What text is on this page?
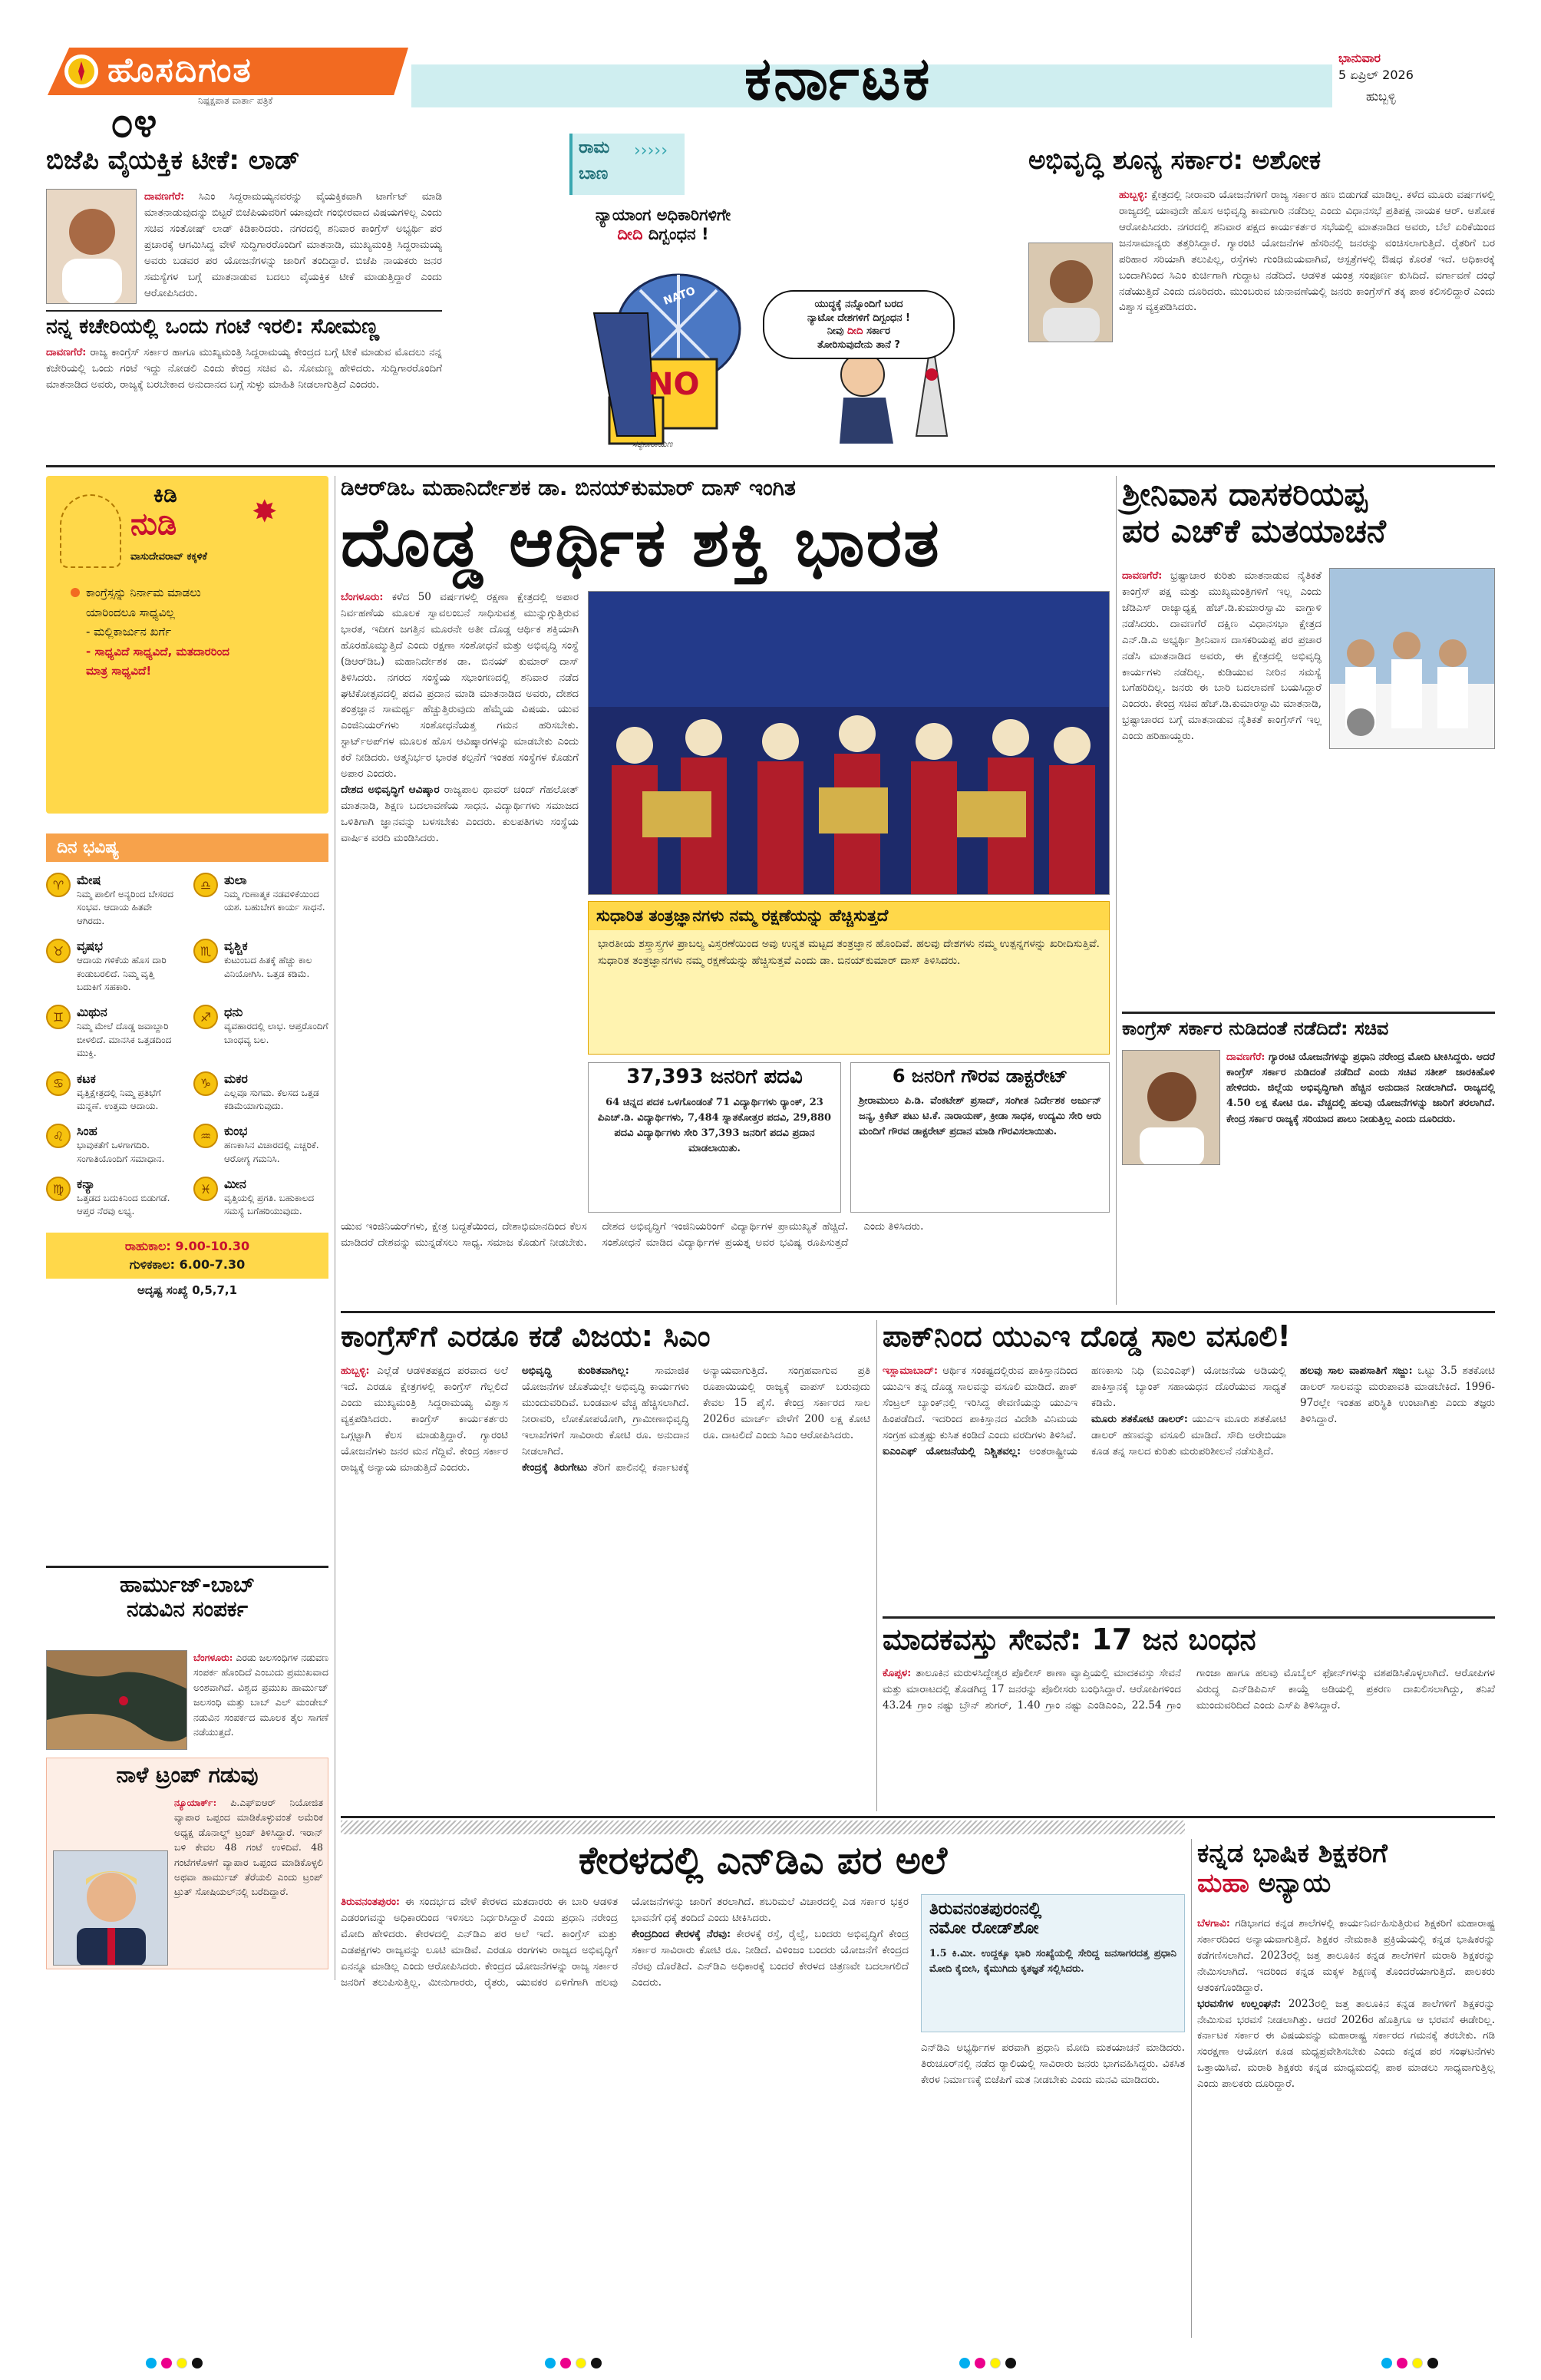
ಹೊಸದಿಗಂತ
ನಿಷ್ಪಕ್ಷಪಾತ ವಾರ್ತಾ ಪತ್ರಿಕೆ
೦೪
ಕರ್ನಾಟಕ	ಭಾನುವಾರ
5 ಏಪ್ರಿಲ್ 2026
ಹುಬ್ಬಳ್ಳಿ
ಬಿಜೆಪಿ ವೈಯಕ್ತಿಕ ಟೀಕೆ: ಲಾಡ್
ದಾವಣಗೆರೆ: ಸಿಎಂ ಸಿದ್ದರಾಮಯ್ಯನವರನ್ನು ವೈಯಕ್ತಿಕವಾಗಿ ಟಾರ್ಗೆಟ್ ಮಾಡಿ ಮಾತನಾಡುವುದನ್ನು ಬಿಟ್ಟರೆ ಬಿಜೆಪಿಯವರಿಗೆ ಯಾವುದೇ ಗಂಭೀರವಾದ ವಿಷಯಗಳಿಲ್ಲ ಎಂದು ಸಚಿವ ಸಂತೋಷ್ ಲಾಡ್ ಕಿಡಿಕಾರಿದರು. ನಗರದಲ್ಲಿ ಶನಿವಾರ ಕಾಂಗ್ರೆಸ್ ಅಭ್ಯರ್ಥಿ ಪರ ಪ್ರಚಾರಕ್ಕೆ ಆಗಮಿಸಿದ್ದ ವೇಳೆ ಸುದ್ದಿಗಾರರೊಂದಿಗೆ ಮಾತನಾಡಿ, ಮುಖ್ಯಮಂತ್ರಿ ಸಿದ್ದರಾಮಯ್ಯ ಅವರು ಬಡವರ ಪರ ಯೋಜನೆಗಳನ್ನು ಜಾರಿಗೆ ತಂದಿದ್ದಾರೆ. ಬಿಜೆಪಿ ನಾಯಕರು ಜನರ ಸಮಸ್ಯೆಗಳ ಬಗ್ಗೆ ಮಾತನಾಡುವ ಬದಲು ವೈಯಕ್ತಿಕ ಟೀಕೆ ಮಾಡುತ್ತಿದ್ದಾರೆ ಎಂದು ಆರೋಪಿಸಿದರು.
ನನ್ನ ಕಚೇರಿಯಲ್ಲಿ ಒಂದು ಗಂಟೆ ಇರಲಿ: ಸೋಮಣ್ಣ
ದಾವಣಗೆರೆ: ರಾಜ್ಯ ಕಾಂಗ್ರೆಸ್ ಸರ್ಕಾರ ಹಾಗೂ ಮುಖ್ಯಮಂತ್ರಿ ಸಿದ್ದರಾಮಯ್ಯ ಕೇಂದ್ರದ ಬಗ್ಗೆ ಟೀಕೆ ಮಾಡುವ ಮೊದಲು ನನ್ನ ಕಚೇರಿಯಲ್ಲಿ ಒಂದು ಗಂಟೆ ಇದ್ದು ನೋಡಲಿ ಎಂದು ಕೇಂದ್ರ ಸಚಿವ ವಿ. ಸೋಮಣ್ಣ ಹೇಳಿದರು. ಸುದ್ದಿಗಾರರೊಂದಿಗೆ ಮಾತನಾಡಿದ ಅವರು, ರಾಜ್ಯಕ್ಕೆ ಬರಬೇಕಾದ ಅನುದಾನದ ಬಗ್ಗೆ ಸುಳ್ಳು ಮಾಹಿತಿ ನೀಡಲಾಗುತ್ತಿದೆ ಎಂದರು.
ರಾಮ
ಬಾಣ
›››››
ನ್ಯಾಯಾಂಗ ಅಧಿಕಾರಿಗಳಿಗೇ
ದೀದಿ ದಿಗ್ಬಂಧನ !
NATO
NO
ಯುದ್ಧಕ್ಕೆ ನನ್ನೊಂದಿಗೆ ಬರದ
ನ್ಯಾಟೋ ದೇಶಗಳಿಗೆ ದಿಗ್ಬಂಧನ !
ನೀವು ದೀದಿ ಸರ್ಕಾರ
ತೋರಿಸುವುದೇನು ತಾನೆ ?
ಸತ್ಯನಾರಾಯಣ
ಅಭಿವೃದ್ಧಿ ಶೂನ್ಯ ಸರ್ಕಾರ: ಅಶೋಕ
ಹುಬ್ಬಳ್ಳಿ: ಕ್ಷೇತ್ರದಲ್ಲಿ ನೀರಾವರಿ ಯೋಜನೆಗಳಿಗೆ ರಾಜ್ಯ ಸರ್ಕಾರ ಹಣ ಬಿಡುಗಡೆ ಮಾಡಿಲ್ಲ. ಕಳೆದ ಮೂರು ವರ್ಷಗಳಲ್ಲಿ ರಾಜ್ಯದಲ್ಲಿ ಯಾವುದೇ ಹೊಸ ಅಭಿವೃದ್ಧಿ ಕಾಮಗಾರಿ ನಡೆದಿಲ್ಲ ಎಂದು ವಿಧಾನಸಭೆ ಪ್ರತಿಪಕ್ಷ ನಾಯಕ ಆರ್. ಅಶೋಕ ಆರೋಪಿಸಿದರು. ನಗರದಲ್ಲಿ ಶನಿವಾರ ಪಕ್ಷದ ಕಾರ್ಯಕರ್ತರ ಸಭೆಯಲ್ಲಿ ಮಾತನಾಡಿದ ಅವರು, ಬೆಲೆ ಏರಿಕೆಯಿಂದ ಜನಸಾಮಾನ್ಯರು ತತ್ತರಿಸಿದ್ದಾರೆ. ಗ್ಯಾರಂಟಿ ಯೋಜನೆಗಳ ಹೆಸರಿನಲ್ಲಿ ಜನರನ್ನು ವಂಚಿಸಲಾಗುತ್ತಿದೆ. ರೈತರಿಗೆ ಬರ ಪರಿಹಾರ ಸರಿಯಾಗಿ ತಲುಪಿಲ್ಲ, ರಸ್ತೆಗಳು ಗುಂಡಿಮಯವಾಗಿವೆ, ಆಸ್ಪತ್ರೆಗಳಲ್ಲಿ ಔಷಧ ಕೊರತೆ ಇದೆ. ಅಧಿಕಾರಕ್ಕೆ ಬಂದಾಗಿನಿಂದ ಸಿಎಂ ಕುರ್ಚಿಗಾಗಿ ಗುದ್ದಾಟ ನಡೆದಿದೆ. ಆಡಳಿತ ಯಂತ್ರ ಸಂಪೂರ್ಣ ಕುಸಿದಿದೆ. ವರ್ಗಾವಣೆ ದಂಧೆ ನಡೆಯುತ್ತಿದೆ ಎಂದು ದೂರಿದರು. ಮುಂಬರುವ ಚುನಾವಣೆಯಲ್ಲಿ ಜನರು ಕಾಂಗ್ರೆಸ್‌ಗೆ ತಕ್ಕ ಪಾಠ ಕಲಿಸಲಿದ್ದಾರೆ ಎಂದು ವಿಶ್ವಾಸ ವ್ಯಕ್ತಪಡಿಸಿದರು.
ಕಿಡಿ
ನುಡಿ ✸
ವಾಸುದೇವರಾವ್ ಕಕ್ಕಳಿಕೆ
ಕಾಂಗ್ರೆಸ್ಸನ್ನು ನಿರ್ನಾಮ ಮಾಡಲು
ಯಾರಿಂದಲೂ ಸಾಧ್ಯವಿಲ್ಲ
- ಮಲ್ಲಿಕಾರ್ಜುನ ಖರ್ಗೆ
- ಸಾಧ್ಯವಿದೆ ಸಾಧ್ಯವಿದೆ, ಮತದಾರರಿಂದ
ಮಾತ್ರ ಸಾಧ್ಯವಿದೆ!
ದಿನ ಭವಿಷ್ಯ
♈	ಮೇಷ
ನಿಮ್ಮ ಪಾಲಿಗೆ ಅನ್ಯರಿಂದ ಬೇಸರದ ಸಂಭವ. ಆದಾಯ ಹಿತವೇ ಆಗಿರದು.
♎	ತುಲಾ
ನಿಮ್ಮ ಗುಣಾತ್ಮಕ ನಡವಳಿಕೆಯಿಂದ ಯಶ. ಬಹುಬೇಗ ಕಾರ್ಯ ಸಾಧನೆ.
♉	ವೃಷಭ
ಆದಾಯ ಗಳಿಕೆಯ ಹೊಸ ದಾರಿ ಕಂಡುಬರಲಿದೆ. ನಿಮ್ಮ ವೃತ್ತಿ ಬದುಕಿಗೆ ಸಹಕಾರಿ.
♏	ವೃಶ್ಚಿಕ
ಕುಟುಂಬದ ಹಿತಕ್ಕೆ ಹೆಚ್ಚು ಕಾಲ ವಿನಿಯೋಗಿಸಿ. ಒತ್ತಡ ಕಡಿಮೆ.
♊	ಮಿಥುನ
ನಿಮ್ಮ ಮೇಲೆ ದೊಡ್ಡ ಜವಾಬ್ದಾರಿ ಬೀಳಲಿದೆ. ಮಾನಸಿಕ ಒತ್ತಡದಿಂದ ಮುಕ್ತಿ.
♐	ಧನು
ವ್ಯವಹಾರದಲ್ಲಿ ಲಾಭ. ಆಪ್ತರೊಂದಿಗೆ ಬಾಂಧವ್ಯ ಬಲ.
♋	ಕಟಕ
ವೃತ್ತಿಕ್ಷೇತ್ರದಲ್ಲಿ ನಿಮ್ಮ ಪ್ರತಿಭೆಗೆ ಮನ್ನಣೆ. ಉತ್ತಮ ಆದಾಯ.
♑	ಮಕರ
ಎಲ್ಲವೂ ಸುಗಮ. ಕೆಲಸದ ಒತ್ತಡ ಕಡಿಮೆಯಾಗುವುದು.
♌	ಸಿಂಹ
ಭಾವುಕತೆಗೆ ಒಳಗಾಗದಿರಿ. ಸಂಗಾತಿಯೊಂದಿಗೆ ಸಮಾಧಾನ.
♒	ಕುಂಭ
ಹಣಕಾಸಿನ ವಿಚಾರದಲ್ಲಿ ಎಚ್ಚರಿಕೆ. ಆರೋಗ್ಯ ಗಮನಿಸಿ.
♍	ಕನ್ಯಾ
ಒತ್ತಡದ ಬದುಕಿನಿಂದ ಬಿಡುಗಡೆ. ಆಪ್ತರ ನೆರವು ಲಭ್ಯ.
♓	ಮೀನ
ವೃತ್ತಿಯಲ್ಲಿ ಪ್ರಗತಿ. ಬಹುಕಾಲದ ಸಮಸ್ಯೆ ಬಗೆಹರಿಯುವುದು.
ರಾಹುಕಾಲ: 9.00-10.30
ಗುಳಿಕಕಾಲ: 6.00-7.30
ಅದೃಷ್ಟ ಸಂಖ್ಯೆ 0,5,7,1
ಹಾರ್ಮುಜ್-ಬಾಬ್
ನಡುವಿನ ಸಂಪರ್ಕ
ಬೆಂಗಳೂರು: ಎರಡು ಜಲಸಂಧಿಗಳ ನಡುವಣ ಸಂಪರ್ಕ ಹೊಂದಿದೆ ಎಂಬುದು ಪ್ರಮುಖವಾದ ಅಂಶವಾಗಿದೆ. ವಿಶ್ವದ ಪ್ರಮುಖ ಹಾರ್ಮುಜ್ ಜಲಸಂಧಿ ಮತ್ತು ಬಾಬ್ ಎಲ್ ಮಂಡೇಬ್ ನಡುವಿನ ಸಂಪರ್ಕದ ಮೂಲಕ ತೈಲ ಸಾಗಣೆ ನಡೆಯುತ್ತದೆ.
ನಾಳೆ ಟ್ರಂಪ್ ಗಡುವು
ನ್ಯೂಯಾರ್ಕ್: ಪಿ.ಎಫ್‌ಐಆರ್ ನಿಯೋಜಿತ ವ್ಯಾಪಾರ ಒಪ್ಪಂದ ಮಾಡಿಕೊಳ್ಳುವಂತೆ ಅಮೆರಿಕ ಅಧ್ಯಕ್ಷ ಡೊನಾಲ್ಡ್ ಟ್ರಂಪ್ ತಿಳಿಸಿದ್ದಾರೆ. ಇರಾನ್ ಬಳಿ ಕೇವಲ 48 ಗಂಟೆ ಉಳಿದಿವೆ. 48 ಗಂಟೆಗಳೊಳಗೆ ವ್ಯಾಪಾರ ಒಪ್ಪಂದ ಮಾಡಿಕೊಳ್ಳಲಿ ಅಥವಾ ಹಾರ್ಮುಜ್ ತೆರೆಯಲಿ ಎಂದು ಟ್ರಂಪ್ ಟ್ರುತ್ ಸೋಷಿಯಲ್‌ನಲ್ಲಿ ಬರೆದಿದ್ದಾರೆ.
ಡಿಆರ್‌ಡಿಒ ಮಹಾನಿರ್ದೇಶಕ ಡಾ. ಬಿನಯ್‌ಕುಮಾರ್ ದಾಸ್ ಇಂಗಿತ
ದೊಡ್ಡ ಆರ್ಥಿಕ ಶಕ್ತಿ ಭಾರತ
ಬೆಂಗಳೂರು: ಕಳೆದ 50 ವರ್ಷಗಳಲ್ಲಿ ರಕ್ಷಣಾ ಕ್ಷೇತ್ರದಲ್ಲಿ ಅಪಾರ ನಿರ್ವಹಣೆಯ ಮೂಲಕ ಸ್ವಾವಲಂಬನೆ ಸಾಧಿಸುವತ್ತ ಮುನ್ನುಗ್ಗುತ್ತಿರುವ ಭಾರತ, ಇದೀಗ ಜಗತ್ತಿನ ಮೂರನೇ ಅತೀ ದೊಡ್ಡ ಆರ್ಥಿಕ ಶಕ್ತಿಯಾಗಿ ಹೊರಹೊಮ್ಮುತ್ತಿದೆ ಎಂದು ರಕ್ಷಣಾ ಸಂಶೋಧನೆ ಮತ್ತು ಅಭಿವೃದ್ಧಿ ಸಂಸ್ಥೆ (ಡಿಆರ್‌ಡಿಒ) ಮಹಾನಿರ್ದೇಶಕ ಡಾ. ಬಿನಯ್ ಕುಮಾರ್ ದಾಸ್ ತಿಳಿಸಿದರು. ನಗರದ ಸಂಸ್ಥೆಯ ಸಭಾಂಗಣದಲ್ಲಿ ಶನಿವಾರ ನಡೆದ ಘಟಿಕೋತ್ಸವದಲ್ಲಿ ಪದವಿ ಪ್ರದಾನ ಮಾಡಿ ಮಾತನಾಡಿದ ಅವರು, ದೇಶದ ತಂತ್ರಜ್ಞಾನ ಸಾಮರ್ಥ್ಯ ಹೆಚ್ಚುತ್ತಿರುವುದು ಹೆಮ್ಮೆಯ ವಿಷಯ. ಯುವ ಎಂಜಿನಿಯರ್‌ಗಳು ಸಂಶೋಧನೆಯತ್ತ ಗಮನ ಹರಿಸಬೇಕು. ಸ್ಟಾರ್ಟ್‌ಅಪ್‌ಗಳ ಮೂಲಕ ಹೊಸ ಆವಿಷ್ಕಾರಗಳನ್ನು ಮಾಡಬೇಕು ಎಂದು ಕರೆ ನೀಡಿದರು. ಆತ್ಮನಿರ್ಭರ ಭಾರತ ಕಲ್ಪನೆಗೆ ಇಂತಹ ಸಂಸ್ಥೆಗಳ ಕೊಡುಗೆ ಅಪಾರ ಎಂದರು.
ದೇಶದ ಅಭಿವೃದ್ಧಿಗೆ ಆವಿಷ್ಕಾರ ರಾಜ್ಯಪಾಲ ಥಾವರ್ ಚಂದ್ ಗೆಹಲೋತ್ ಮಾತನಾಡಿ, ಶಿಕ್ಷಣ ಬದಲಾವಣೆಯ ಸಾಧನ. ವಿದ್ಯಾರ್ಥಿಗಳು ಸಮಾಜದ ಒಳಿತಿಗಾಗಿ ಜ್ಞಾನವನ್ನು ಬಳಸಬೇಕು ಎಂದರು. ಕುಲಪತಿಗಳು ಸಂಸ್ಥೆಯ ವಾರ್ಷಿಕ ವರದಿ ಮಂಡಿಸಿದರು.
ಸುಧಾರಿತ ತಂತ್ರಜ್ಞಾನಗಳು ನಮ್ಮ ರಕ್ಷಣೆಯನ್ನು ಹೆಚ್ಚಿಸುತ್ತದೆ
ಭಾರತೀಯ ಶಸ್ತ್ರಾಸ್ತ್ರಗಳ ಪ್ರಾಬಲ್ಯ ವಿಸ್ತರಣೆಯಿಂದ ಅವು ಉನ್ನತ ಮಟ್ಟದ ತಂತ್ರಜ್ಞಾನ ಹೊಂದಿವೆ. ಹಲವು ದೇಶಗಳು ನಮ್ಮ ಉತ್ಪನ್ನಗಳನ್ನು ಖರೀದಿಸುತ್ತಿವೆ. ಸುಧಾರಿತ ತಂತ್ರಜ್ಞಾನಗಳು ನಮ್ಮ ರಕ್ಷಣೆಯನ್ನು ಹೆಚ್ಚಿಸುತ್ತವೆ ಎಂದು ಡಾ. ಬಿನಯ್‌ಕುಮಾರ್ ದಾಸ್ ತಿಳಿಸಿದರು.
37,393 ಜನರಿಗೆ ಪದವಿ
64 ಚಿನ್ನದ ಪದಕ ಒಳಗೊಂಡಂತೆ 71 ವಿದ್ಯಾರ್ಥಿಗಳು ರ‍್ಯಾಂಕ್, 23 ಪಿಎಚ್.ಡಿ. ವಿದ್ಯಾರ್ಥಿಗಳು, 7,484 ಸ್ನಾತಕೋತ್ತರ ಪದವಿ, 29,880 ಪದವಿ ವಿದ್ಯಾರ್ಥಿಗಳು ಸೇರಿ 37,393 ಜನರಿಗೆ ಪದವಿ ಪ್ರದಾನ ಮಾಡಲಾಯಿತು.
6 ಜನರಿಗೆ ಗೌರವ ಡಾಕ್ಟರೇಟ್
ಶ್ರೀರಾಮುಲು ಪಿ.ಡಿ. ವೆಂಕಟೇಶ್ ಪ್ರಸಾದ್, ಸಂಗೀತ ನಿರ್ದೇಶಕ ಅರ್ಜುನ್ ಜನ್ಯ, ಕ್ರಿಕೆಟ್ ಪಟು ಟಿ.ಕೆ. ನಾರಾಯಣ್, ಕ್ರೀಡಾ ಸಾಧಕ, ಉದ್ಯಮಿ ಸೇರಿ ಆರು ಮಂದಿಗೆ ಗೌರವ ಡಾಕ್ಟರೇಟ್ ಪ್ರದಾನ ಮಾಡಿ ಗೌರವಿಸಲಾಯಿತು.
ಯುವ ಇಂಜಿನಿಯರ್‌ಗಳು, ಕ್ಷೇತ್ರ ಬದ್ಧತೆಯಿಂದ, ದೇಶಾಭಿಮಾನದಿಂದ ಕೆಲಸ ಮಾಡಿದರೆ ದೇಶವನ್ನು ಮುನ್ನಡೆಸಲು ಸಾಧ್ಯ. ಸಮಾಜ ಕೊಡುಗೆ ನೀಡಬೇಕು. ದೇಶದ ಅಭಿವೃದ್ಧಿಗೆ ಇಂಜಿನಿಯರಿಂಗ್ ವಿದ್ಯಾರ್ಥಿಗಳ ಪ್ರಾಮುಖ್ಯತೆ ಹೆಚ್ಚಿದೆ. ಸಂಶೋಧನೆ ಮಾಡಿದ ವಿದ್ಯಾರ್ಥಿಗಳ ಪ್ರಯತ್ನ ಅವರ ಭವಿಷ್ಯ ರೂಪಿಸುತ್ತದೆ ಎಂದು ತಿಳಿಸಿದರು.
ಶ್ರೀನಿವಾಸ ದಾಸಕರಿಯಪ್ಪ
ಪರ ಎಚ್‌ಕೆ ಮತಯಾಚನೆ
ದಾವಣಗೆರೆ: ಭ್ರಷ್ಟಾಚಾರ ಕುರಿತು ಮಾತನಾಡುವ ನೈತಿಕತೆ ಕಾಂಗ್ರೆಸ್ ಪಕ್ಷ ಮತ್ತು ಮುಖ್ಯಮಂತ್ರಿಗಳಿಗೆ ಇಲ್ಲ ಎಂದು ಜೆಡಿಎಸ್ ರಾಜ್ಯಾಧ್ಯಕ್ಷ ಹೆಚ್.ಡಿ.ಕುಮಾರಸ್ವಾಮಿ ವಾಗ್ದಾಳಿ ನಡೆಸಿದರು. ದಾವಣಗೆರೆ ದಕ್ಷಿಣ ವಿಧಾನಸಭಾ ಕ್ಷೇತ್ರದ ಎನ್.ಡಿ.ಎ ಅಭ್ಯರ್ಥಿ ಶ್ರೀನಿವಾಸ ದಾಸಕರಿಯಪ್ಪ ಪರ ಪ್ರಚಾರ ನಡೆಸಿ ಮಾತನಾಡಿದ ಅವರು, ಈ ಕ್ಷೇತ್ರದಲ್ಲಿ ಅಭಿವೃದ್ಧಿ ಕಾರ್ಯಗಳು ನಡೆದಿಲ್ಲ. ಕುಡಿಯುವ ನೀರಿನ ಸಮಸ್ಯೆ ಬಗೆಹರಿದಿಲ್ಲ. ಜನರು ಈ ಬಾರಿ ಬದಲಾವಣೆ ಬಯಸಿದ್ದಾರೆ ಎಂದರು. ಕೇಂದ್ರ ಸಚಿವ ಹೆಚ್.ಡಿ.ಕುಮಾರಸ್ವಾಮಿ ಮಾತನಾಡಿ, ಭ್ರಷ್ಟಾಚಾರದ ಬಗ್ಗೆ ಮಾತನಾಡುವ ನೈತಿಕತೆ ಕಾಂಗ್ರೆಸ್‌ಗೆ ಇಲ್ಲ ಎಂದು ಹರಿಹಾಯ್ದರು.
ಕಾಂಗ್ರೆಸ್ ಸರ್ಕಾರ ನುಡಿದಂತೆ ನಡೆದಿದೆ: ಸಚಿವ
ದಾವಣಗೆರೆ: ಗ್ಯಾರಂಟಿ ಯೋಜನೆಗಳನ್ನು ಪ್ರಧಾನಿ ನರೇಂದ್ರ ಮೋದಿ ಟೀಕಿಸಿದ್ದರು. ಆದರೆ ಕಾಂಗ್ರೆಸ್ ಸರ್ಕಾರ ನುಡಿದಂತೆ ನಡೆದಿದೆ ಎಂದು ಸಚಿವ ಸತೀಶ್ ಜಾರಕಿಹೊಳಿ ಹೇಳಿದರು. ಜಿಲ್ಲೆಯ ಅಭಿವೃದ್ಧಿಗಾಗಿ ಹೆಚ್ಚಿನ ಅನುದಾನ ನೀಡಲಾಗಿದೆ. ರಾಜ್ಯದಲ್ಲಿ 4.50 ಲಕ್ಷ ಕೋಟಿ ರೂ. ವೆಚ್ಚದಲ್ಲಿ ಹಲವು ಯೋಜನೆಗಳನ್ನು ಜಾರಿಗೆ ತರಲಾಗಿದೆ. ಕೇಂದ್ರ ಸರ್ಕಾರ ರಾಜ್ಯಕ್ಕೆ ಸರಿಯಾದ ಪಾಲು ನೀಡುತ್ತಿಲ್ಲ ಎಂದು ದೂರಿದರು.
ಕಾಂಗ್ರೆಸ್‌ಗೆ ಎರಡೂ ಕಡೆ ವಿಜಯ: ಸಿಎಂ
ಹುಬ್ಬಳ್ಳಿ: ಎಲ್ಲೆಡೆ ಆಡಳಿತಪಕ್ಷದ ಪರವಾದ ಅಲೆ ಇದೆ. ಎರಡೂ ಕ್ಷೇತ್ರಗಳಲ್ಲಿ ಕಾಂಗ್ರೆಸ್ ಗೆಲ್ಲಲಿದೆ ಎಂದು ಮುಖ್ಯಮಂತ್ರಿ ಸಿದ್ದರಾಮಯ್ಯ ವಿಶ್ವಾಸ ವ್ಯಕ್ತಪಡಿಸಿದರು. ಕಾಂಗ್ರೆಸ್ ಕಾರ್ಯಕರ್ತರು ಒಗ್ಗಟ್ಟಾಗಿ ಕೆಲಸ ಮಾಡುತ್ತಿದ್ದಾರೆ. ಗ್ಯಾರಂಟಿ ಯೋಜನೆಗಳು ಜನರ ಮನ ಗೆದ್ದಿವೆ. ಕೇಂದ್ರ ಸರ್ಕಾರ ರಾಜ್ಯಕ್ಕೆ ಅನ್ಯಾಯ ಮಾಡುತ್ತಿದೆ ಎಂದರು.
ಅಭಿವೃದ್ಧಿ ಕುಂಠಿತವಾಗಿಲ್ಲ: ಸಾಮಾಜಿಕ ಯೋಜನೆಗಳ ಜೊತೆಯಲ್ಲೇ ಅಭಿವೃದ್ಧಿ ಕಾರ್ಯಗಳು ಮುಂದುವರಿದಿವೆ. ಬಂಡವಾಳ ವೆಚ್ಚ ಹೆಚ್ಚಿಸಲಾಗಿದೆ. ನೀರಾವರಿ, ಲೋಕೋಪಯೋಗಿ, ಗ್ರಾಮೀಣಾಭಿವೃದ್ಧಿ ಇಲಾಖೆಗಳಿಗೆ ಸಾವಿರಾರು ಕೋಟಿ ರೂ. ಅನುದಾನ ನೀಡಲಾಗಿದೆ.
ಕೇಂದ್ರಕ್ಕೆ ತಿರುಗೇಟು ತೆರಿಗೆ ಪಾಲಿನಲ್ಲಿ ಕರ್ನಾಟಕಕ್ಕೆ ಅನ್ಯಾಯವಾಗುತ್ತಿದೆ. ಸಂಗ್ರಹವಾಗುವ ಪ್ರತಿ ರೂಪಾಯಿಯಲ್ಲಿ ರಾಜ್ಯಕ್ಕೆ ವಾಪಸ್ ಬರುವುದು ಕೇವಲ 15 ಪೈಸೆ. ಕೇಂದ್ರ ಸರ್ಕಾರದ ಸಾಲ 2026ರ ಮಾರ್ಚ್ ವೇಳೆಗೆ 200 ಲಕ್ಷ ಕೋಟಿ ರೂ. ದಾಟಲಿದೆ ಎಂದು ಸಿಎಂ ಆರೋಪಿಸಿದರು.
ಪಾಕ್‌ನಿಂದ ಯುಎಇ ದೊಡ್ಡ ಸಾಲ ವಸೂಲಿ!
ಇಸ್ಲಾಮಾಬಾದ್: ಆರ್ಥಿಕ ಸಂಕಷ್ಟದಲ್ಲಿರುವ ಪಾಕಿಸ್ತಾನದಿಂದ ಯುಎಇ ತನ್ನ ದೊಡ್ಡ ಸಾಲವನ್ನು ವಸೂಲಿ ಮಾಡಿದೆ. ಪಾಕ್ ಸೆಂಟ್ರಲ್ ಬ್ಯಾಂಕ್‌ನಲ್ಲಿ ಇರಿಸಿದ್ದ ಠೇವಣಿಯನ್ನು ಯುಎಇ ಹಿಂಪಡೆದಿದೆ. ಇದರಿಂದ ಪಾಕಿಸ್ತಾನದ ವಿದೇಶಿ ವಿನಿಮಯ ಸಂಗ್ರಹ ಮತ್ತಷ್ಟು ಕುಸಿತ ಕಂಡಿದೆ ಎಂದು ವರದಿಗಳು ತಿಳಿಸಿವೆ.
ಐಎಂಎಫ್ ಯೋಜನೆಯಲ್ಲಿ ನಿಶ್ಚಿತವಲ್ಲ: ಅಂತರಾಷ್ಟ್ರೀಯ ಹಣಕಾಸು ನಿಧಿ (ಐಎಂಎಫ್) ಯೋಜನೆಯ ಅಡಿಯಲ್ಲಿ ಪಾಕಿಸ್ತಾನಕ್ಕೆ ಬ್ಯಾಂಕ್ ಸಹಾಯಧನ ದೊರೆಯುವ ಸಾಧ್ಯತೆ ಕಡಿಮೆ.
ಮೂರು ಶತಕೋಟಿ ಡಾಲರ್: ಯುಎಇ ಮೂರು ಶತಕೋಟಿ ಡಾಲರ್ ಹಣವನ್ನು ವಸೂಲಿ ಮಾಡಿದೆ. ಸೌದಿ ಅರೇಬಿಯಾ ಕೂಡ ತನ್ನ ಸಾಲದ ಕುರಿತು ಮರುಪರಿಶೀಲನೆ ನಡೆಸುತ್ತಿದೆ.
ಹಲವು ಸಾಲ ವಾಪಸಾತಿಗೆ ಸಜ್ಜು: ಒಟ್ಟು 3.5 ಶತಕೋಟಿ ಡಾಲರ್ ಸಾಲವನ್ನು ಮರುಪಾವತಿ ಮಾಡಬೇಕಿದೆ. 1996-97ರಲ್ಲೇ ಇಂತಹ ಪರಿಸ್ಥಿತಿ ಉಂಟಾಗಿತ್ತು ಎಂದು ತಜ್ಞರು ತಿಳಿಸಿದ್ದಾರೆ.
ಮಾದಕವಸ್ತು ಸೇವನೆ: 17 ಜನ ಬಂಧನ
ಕೊಪ್ಪಳ: ತಾಲೂಕಿನ ಮರುಳಸಿದ್ದೇಶ್ವರ ಪೊಲೀಸ್ ಠಾಣಾ ವ್ಯಾಪ್ತಿಯಲ್ಲಿ ಮಾದಕವಸ್ತು ಸೇವನೆ ಮತ್ತು ಮಾರಾಟದಲ್ಲಿ ತೊಡಗಿದ್ದ 17 ಜನರನ್ನು ಪೊಲೀಸರು ಬಂಧಿಸಿದ್ದಾರೆ. ಆರೋಪಿಗಳಿಂದ 43.24 ಗ್ರಾಂ ನಷ್ಟು ಬ್ರೌನ್ ಶುಗರ್, 1.40 ಗ್ರಾಂ ನಷ್ಟು ಎಂಡಿಎಂಎ, 22.54 ಗ್ರಾಂ ಗಾಂಜಾ ಹಾಗೂ ಹಲವು ಮೊಬೈಲ್ ಫೋನ್‌ಗಳನ್ನು ವಶಪಡಿಸಿಕೊಳ್ಳಲಾಗಿದೆ. ಆರೋಪಿಗಳ ವಿರುದ್ಧ ಎನ್‌ಡಿಪಿಎಸ್ ಕಾಯ್ದೆ ಅಡಿಯಲ್ಲಿ ಪ್ರಕರಣ ದಾಖಲಿಸಲಾಗಿದ್ದು, ತನಿಖೆ ಮುಂದುವರಿದಿದೆ ಎಂದು ಎಸ್‌ಪಿ ತಿಳಿಸಿದ್ದಾರೆ.
ಕೇರಳದಲ್ಲಿ ಎನ್‌ಡಿಎ ಪರ ಅಲೆ
ತಿರುವನಂತಪುರಂ: ಈ ಸಂದರ್ಭದ ವೇಳೆ ಕೇರಳದ ಮತದಾರರು ಈ ಬಾರಿ ಆಡಳಿತ ಎಡರಂಗವನ್ನು ಅಧಿಕಾರದಿಂದ ಇಳಿಸಲು ನಿರ್ಧರಿಸಿದ್ದಾರೆ ಎಂದು ಪ್ರಧಾನಿ ನರೇಂದ್ರ ಮೋದಿ ಹೇಳಿದರು. ಕೇರಳದಲ್ಲಿ ಎನ್‌ಡಿಎ ಪರ ಅಲೆ ಇದೆ. ಕಾಂಗ್ರೆಸ್ ಮತ್ತು ಎಡಪಕ್ಷಗಳು ರಾಜ್ಯವನ್ನು ಲೂಟಿ ಮಾಡಿವೆ. ಎರಡೂ ರಂಗಗಳು ರಾಜ್ಯದ ಅಭಿವೃದ್ಧಿಗೆ ಏನನ್ನೂ ಮಾಡಿಲ್ಲ ಎಂದು ಆರೋಪಿಸಿದರು. ಕೇಂದ್ರದ ಯೋಜನೆಗಳನ್ನು ರಾಜ್ಯ ಸರ್ಕಾರ ಜನರಿಗೆ ತಲುಪಿಸುತ್ತಿಲ್ಲ. ಮೀನುಗಾರರು, ರೈತರು, ಯುವಕರ ಏಳಿಗೆಗಾಗಿ ಹಲವು ಯೋಜನೆಗಳನ್ನು ಜಾರಿಗೆ ತರಲಾಗಿದೆ. ಶಬರಿಮಲೆ ವಿಚಾರದಲ್ಲಿ ಎಡ ಸರ್ಕಾರ ಭಕ್ತರ ಭಾವನೆಗೆ ಧಕ್ಕೆ ತಂದಿದೆ ಎಂದು ಟೀಕಿಸಿದರು.
ಕೇಂದ್ರದಿಂದ ಕೇರಳಕ್ಕೆ ನೆರವು: ಕೇರಳಕ್ಕೆ ರಸ್ತೆ, ರೈಲ್ವೆ, ಬಂದರು ಅಭಿವೃದ್ಧಿಗೆ ಕೇಂದ್ರ ಸರ್ಕಾರ ಸಾವಿರಾರು ಕೋಟಿ ರೂ. ನೀಡಿದೆ. ವಿಳಿಂಜಂ ಬಂದರು ಯೋಜನೆಗೆ ಕೇಂದ್ರದ ನೆರವು ದೊರೆತಿದೆ. ಎನ್‌ಡಿಎ ಅಧಿಕಾರಕ್ಕೆ ಬಂದರೆ ಕೇರಳದ ಚಿತ್ರಣವೇ ಬದಲಾಗಲಿದೆ ಎಂದರು.
ತಿರುವನಂತಪುರಂನಲ್ಲಿ
ನಮೋ ರೋಡ್‌ಶೋ
1.5 ಕಿ.ಮೀ. ಉದ್ದಕ್ಕೂ ಭಾರಿ ಸಂಖ್ಯೆಯಲ್ಲಿ ಸೇರಿದ್ದ ಜನಸಾಗರದತ್ತ ಪ್ರಧಾನಿ ಮೋದಿ ಕೈಬೀಸಿ, ಕೈಮುಗಿದು ಕೃತಜ್ಞತೆ ಸಲ್ಲಿಸಿದರು.
ಎನ್‌ಡಿಎ ಅಭ್ಯರ್ಥಿಗಳ ಪರವಾಗಿ ಪ್ರಧಾನಿ ಮೋದಿ ಮತಯಾಚನೆ ಮಾಡಿದರು. ತಿರುಚೂರ್‌ನಲ್ಲಿ ನಡೆದ ರ‍್ಯಾಲಿಯಲ್ಲಿ ಸಾವಿರಾರು ಜನರು ಭಾಗವಹಿಸಿದ್ದರು. ವಿಕಸಿತ ಕೇರಳ ನಿರ್ಮಾಣಕ್ಕೆ ಬಿಜೆಪಿಗೆ ಮತ ನೀಡಬೇಕು ಎಂದು ಮನವಿ ಮಾಡಿದರು.
ಕನ್ನಡ ಭಾಷಿಕ ಶಿಕ್ಷಕರಿಗೆ
ಮಹಾ ಅನ್ಯಾಯ
ಬೆಳಗಾವಿ: ಗಡಿಭಾಗದ ಕನ್ನಡ ಶಾಲೆಗಳಲ್ಲಿ ಕಾರ್ಯನಿರ್ವಹಿಸುತ್ತಿರುವ ಶಿಕ್ಷಕರಿಗೆ ಮಹಾರಾಷ್ಟ್ರ ಸರ್ಕಾರದಿಂದ ಅನ್ಯಾಯವಾಗುತ್ತಿದೆ. ಶಿಕ್ಷಕರ ನೇಮಕಾತಿ ಪ್ರಕ್ರಿಯೆಯಲ್ಲಿ ಕನ್ನಡ ಭಾಷಿಕರನ್ನು ಕಡೆಗಣಿಸಲಾಗಿದೆ. 2023ರಲ್ಲಿ ಜತ್ತ ತಾಲೂಕಿನ ಕನ್ನಡ ಶಾಲೆಗಳಿಗೆ ಮರಾಠಿ ಶಿಕ್ಷಕರನ್ನು ನೇಮಿಸಲಾಗಿದೆ. ಇದರಿಂದ ಕನ್ನಡ ಮಕ್ಕಳ ಶಿಕ್ಷಣಕ್ಕೆ ತೊಂದರೆಯಾಗುತ್ತಿದೆ. ಪಾಲಕರು ಆತಂಕಗೊಂಡಿದ್ದಾರೆ.
ಭರವಸೆಗಳ ಉಲ್ಲಂಘನೆ: 2023ರಲ್ಲಿ ಜತ್ತ ತಾಲೂಕಿನ ಕನ್ನಡ ಶಾಲೆಗಳಿಗೆ ಶಿಕ್ಷಕರನ್ನು ನೇಮಿಸುವ ಭರವಸೆ ನೀಡಲಾಗಿತ್ತು. ಆದರೆ 2026ರ ಹೊತ್ತಿಗೂ ಆ ಭರವಸೆ ಈಡೇರಿಲ್ಲ. ಕರ್ನಾಟಕ ಸರ್ಕಾರ ಈ ವಿಷಯವನ್ನು ಮಹಾರಾಷ್ಟ್ರ ಸರ್ಕಾರದ ಗಮನಕ್ಕೆ ತರಬೇಕು. ಗಡಿ ಸಂರಕ್ಷಣಾ ಆಯೋಗ ಕೂಡ ಮಧ್ಯಪ್ರವೇಶಿಸಬೇಕು ಎಂದು ಕನ್ನಡ ಪರ ಸಂಘಟನೆಗಳು ಒತ್ತಾಯಿಸಿವೆ. ಮರಾಠಿ ಶಿಕ್ಷಕರು ಕನ್ನಡ ಮಾಧ್ಯಮದಲ್ಲಿ ಪಾಠ ಮಾಡಲು ಸಾಧ್ಯವಾಗುತ್ತಿಲ್ಲ ಎಂದು ಪಾಲಕರು ದೂರಿದ್ದಾರೆ.
